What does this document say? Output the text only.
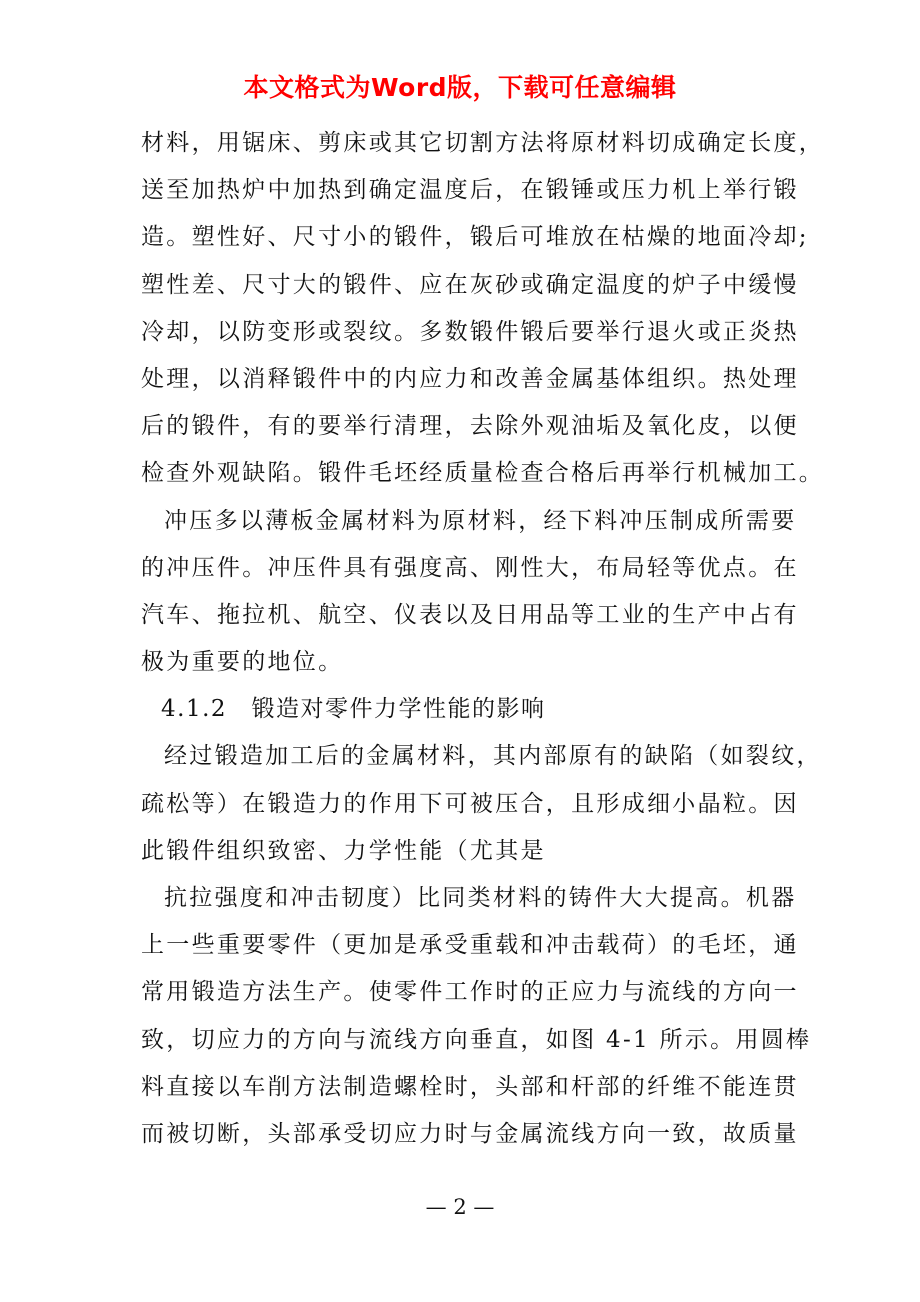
本文格式为Word版，下载可任意编辑
材料，用锯床、剪床或其它切割方法将原材料切成确定长度，
送至加热炉中加热到确定温度后，在锻锤或压力机上举行锻
造。塑性好、尺寸小的锻件，锻后可堆放在枯燥的地面冷却;
塑性差、尺寸大的锻件、应在灰砂或确定温度的炉子中缓慢
冷却，以防变形或裂纹。多数锻件锻后要举行退火或正炎热
处理，以消释锻件中的内应力和改善金属基体组织。热处理
后的锻件，有的要举行清理，去除外观油垢及氧化皮，以便
检查外观缺陷。锻件毛坯经质量检查合格后再举行机械加工。
冲压多以薄板金属材料为原材料，经下料冲压制成所需要
的冲压件。冲压件具有强度高、刚性大，布局轻等优点。在
汽车、拖拉机、航空、仪表以及日用品等工业的生产中占有
极为重要的地位。
4.1.2　锻造对零件力学性能的影响
经过锻造加工后的金属材料，其内部原有的缺陷（如裂纹，
疏松等）在锻造力的作用下可被压合，且形成细小晶粒。因
此锻件组织致密、力学性能（尤其是
抗拉强度和冲击韧度）比同类材料的铸件大大提高。机器
上一些重要零件（更加是承受重载和冲击载荷）的毛坯，通
常用锻造方法生产。使零件工作时的正应力与流线的方向一
致，切应力的方向与流线方向垂直，如图 4-1 所示。用圆棒
料直接以车削方法制造螺栓时，头部和杆部的纤维不能连贯
而被切断，头部承受切应力时与金属流线方向一致，故质量
— 2 —
